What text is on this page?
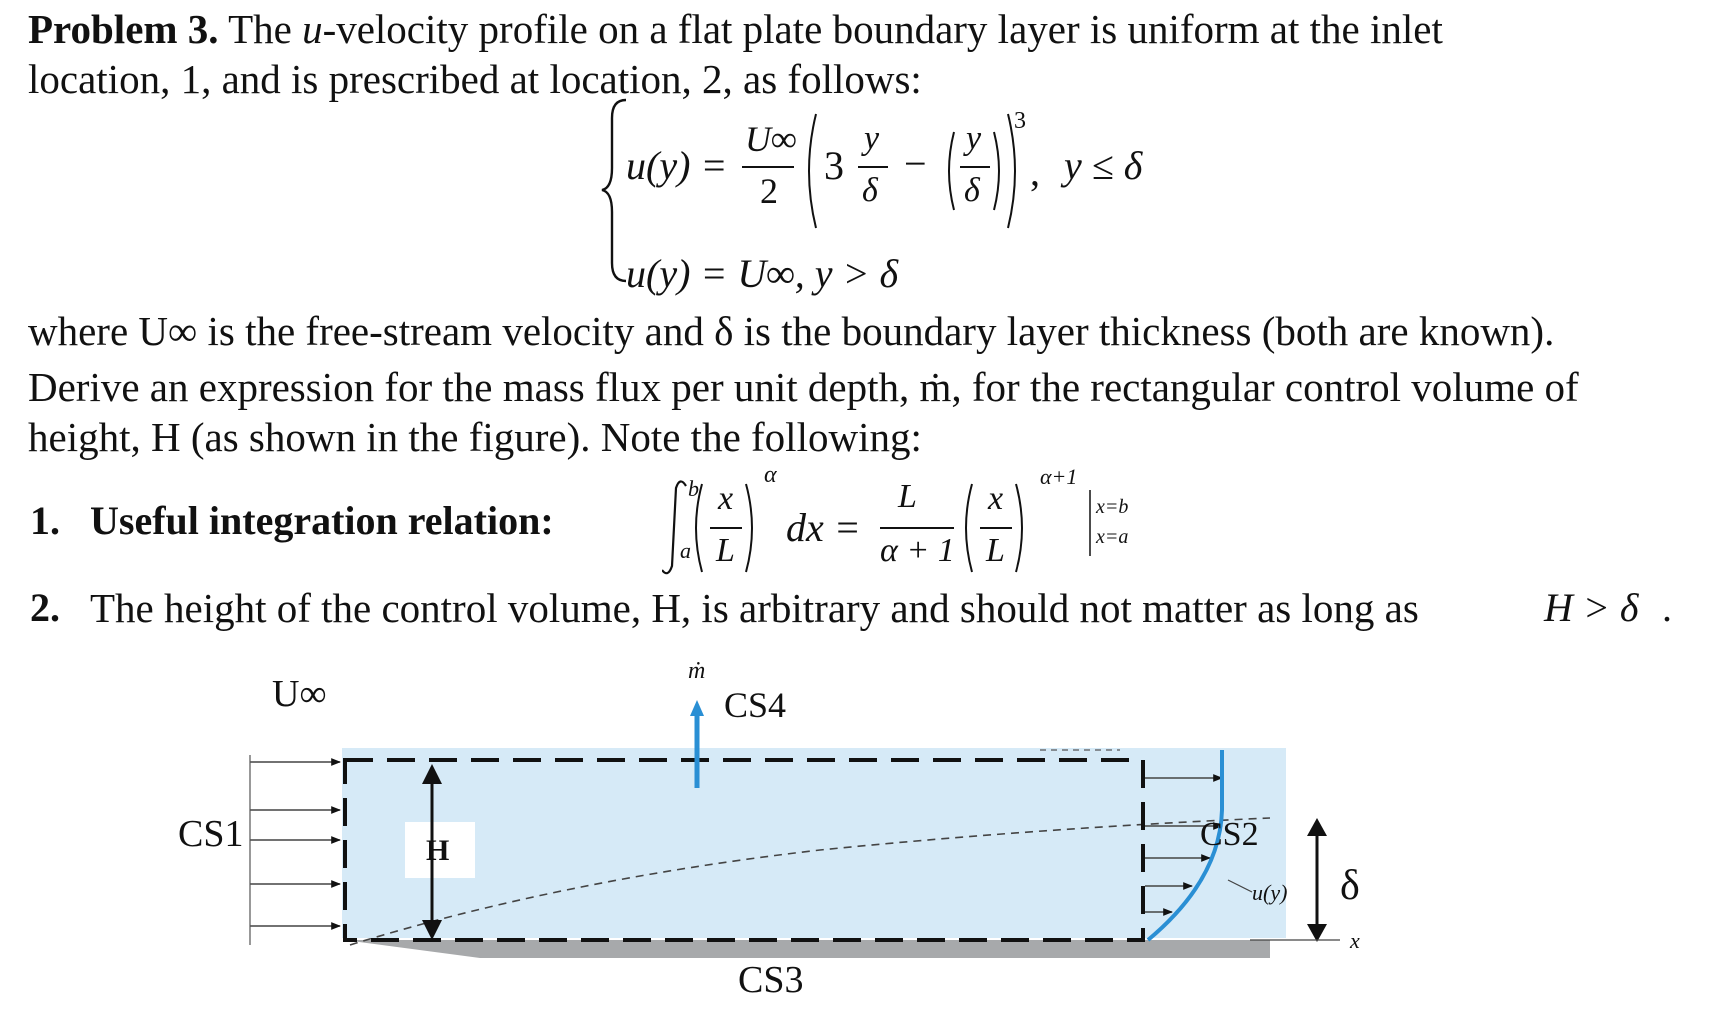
Problem 3. The u-velocity profile on a flat plate boundary layer is uniform at the inlet
location, 1, and is prescribed at location, 2, as follows:
u(y) =
U∞
2
3
y
δ
−
y
δ
3
, y ≤ δ
u(y) = U∞, y > δ
where U∞ is the free-stream velocity and δ is the boundary layer thickness (both are known).
Derive an expression for the mass flux per unit depth, ṁ, for the rectangular control volume of
height, H (as shown in the figure). Note the following:
1. Useful integration relation:
b
a
x
L
α
dx =
L
α + 1
x
L
α+1
x=b
x=a
2. The height of the control volume, H, is arbitrary and should not matter as long as	H > δ .
U∞
ṁ
CS4
CS1	CS2
CS3
H
δ
u(y)
x
